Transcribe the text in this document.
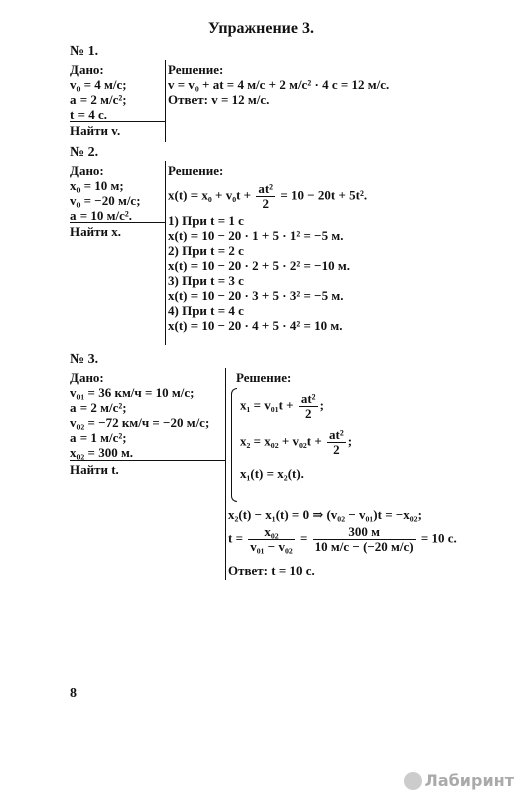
Упражнение 3.
№ 1.
Дано:
v₀ = 4 м/с;
a = 2 м/с²;
t = 4 с.
Найти v.
Решение:
v = v₀ + at = 4 м/с + 2 м/с² · 4 с = 12 м/с.
Ответ: v = 12 м/с.
№ 2.
Дано:
x₀ = 10 м;
v₀ = −20 м/с;
a = 10 м/с².
Найти x.
Решение:
$x(t) = x_0 + v_0t + \frac{\text{at²}}{2} = 10 - 20t + 5t^2$.
1) При t = 1 с
x(t) = 10 − 20 · 1 + 5 · 1² = −5 м.
2) При t = 2 с
x(t) = 10 − 20 · 2 + 5 · 2² = −10 м.
3) При t = 3 с
x(t) = 10 − 20 · 3 + 5 · 3² = −5 м.
4) При t = 4 с
x(t) = 10 − 20 · 4 + 5 · 4² = 10 м.
№ 3.
Дано:
v₀₁ = 36 км/ч = 10 м/с;
a = 2 м/с²;
v₀₂ = −72 км/ч = −20 м/с;
a = 1 м/с²;
x₀₂ = 300 м.
Найти t.
Решение:
$x_1 = v_{01}t + \frac{\text{at²}}{2}$ ;
$x_2 = x_{02} + v_{02}t + \frac{\text{at²}}{2}$ ;
x₁(t) = x₂(t).
x₂(t) − x₁(t) = 0 ⇒ (v₀₂ − v₀₁)t = −x₀₂;
$t = \frac{\text{x₀₂}}{\text{v₀₁ − v₀₂}} = \frac{300 м}{10 м/с - (-20 м/с)} = 10$ с.
Ответ: t = 10 с.
8
Лабиринт
